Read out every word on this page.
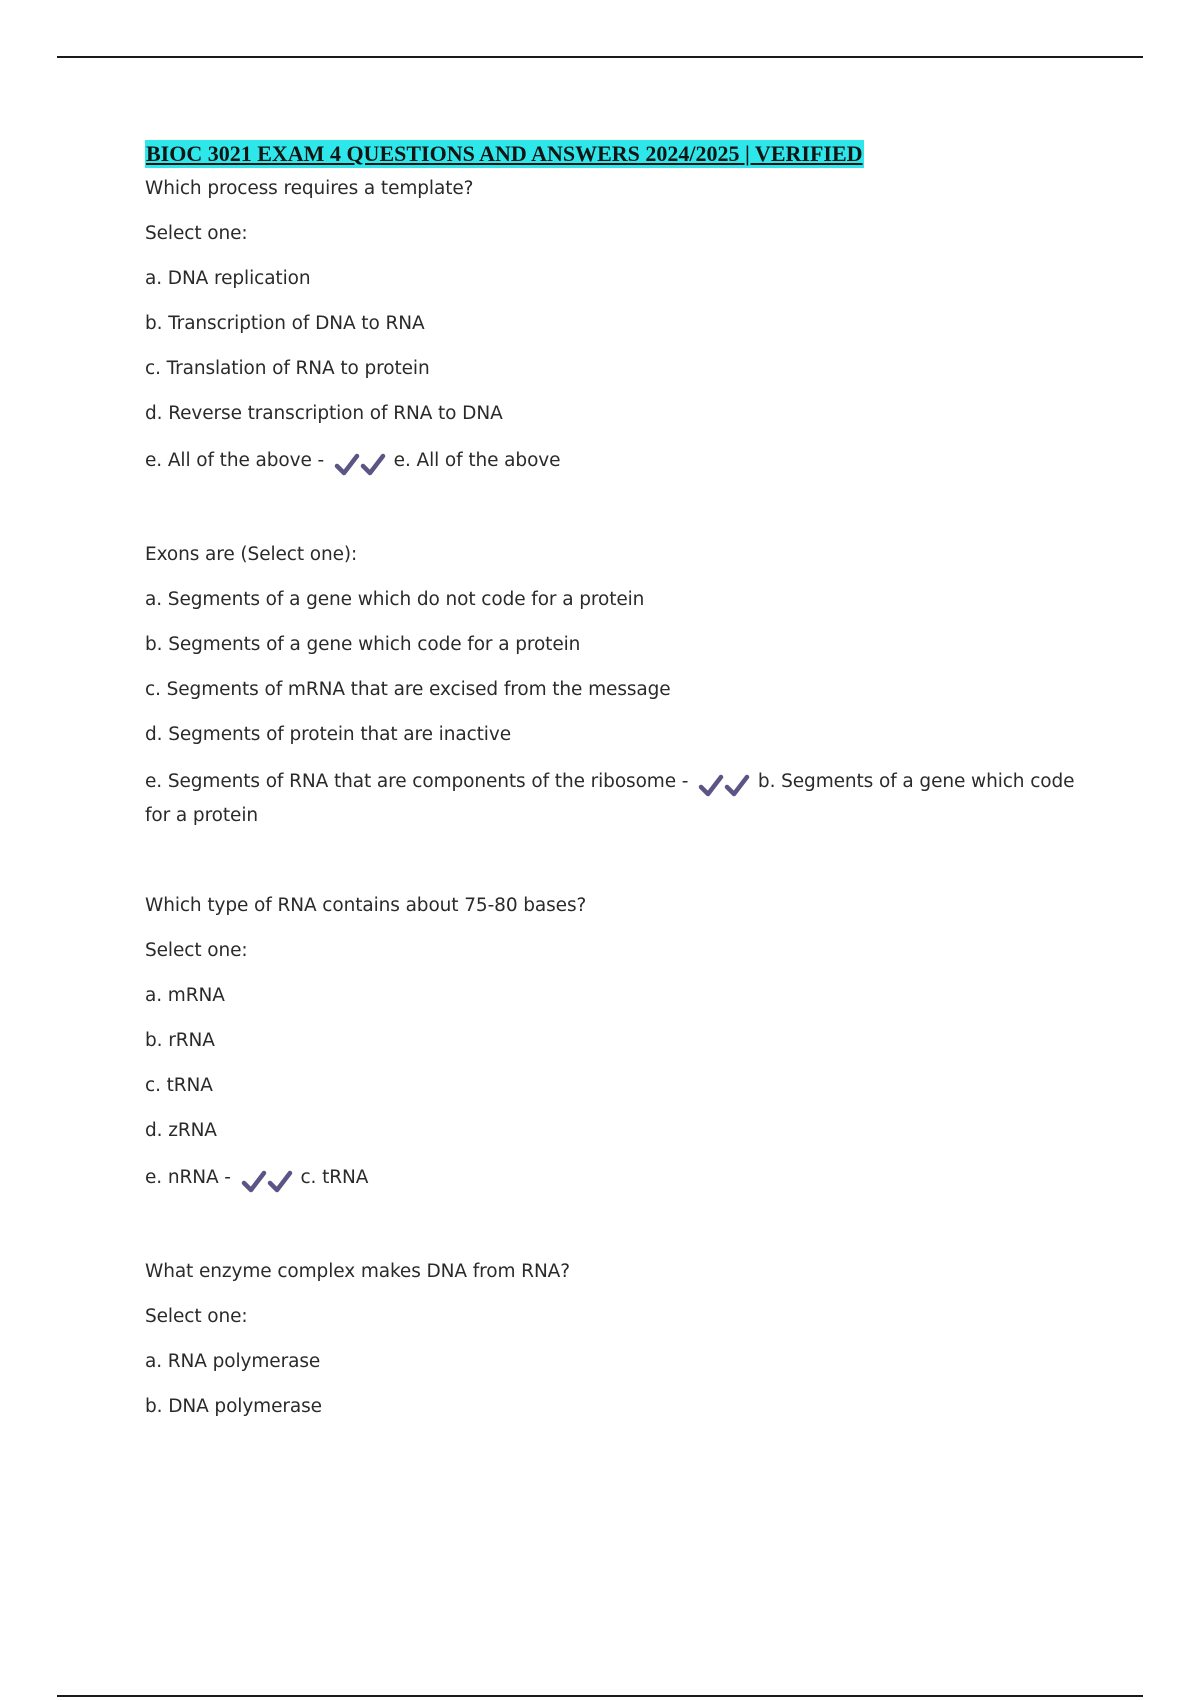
BIOC 3021 EXAM 4 QUESTIONS AND ANSWERS 2024/2025 | VERIFIED
Which process requires a template?
Select one:
a. DNA replication
b. Transcription of DNA to RNA
c. Translation of RNA to protein
d. Reverse transcription of RNA to DNA
e. All of the above -	e. All of the above
Exons are (Select one):
a. Segments of a gene which do not code for a protein
b. Segments of a gene which code for a protein
c. Segments of mRNA that are excised from the message
d. Segments of protein that are inactive
e. Segments of RNA that are components of the ribosome -	b. Segments of a gene which code for a protein
Which type of RNA contains about 75-80 bases?
Select one:
a. mRNA
b. rRNA
c. tRNA
d. zRNA
e. nRNA -	c. tRNA
What enzyme complex makes DNA from RNA?
Select one:
a. RNA polymerase
b. DNA polymerase
